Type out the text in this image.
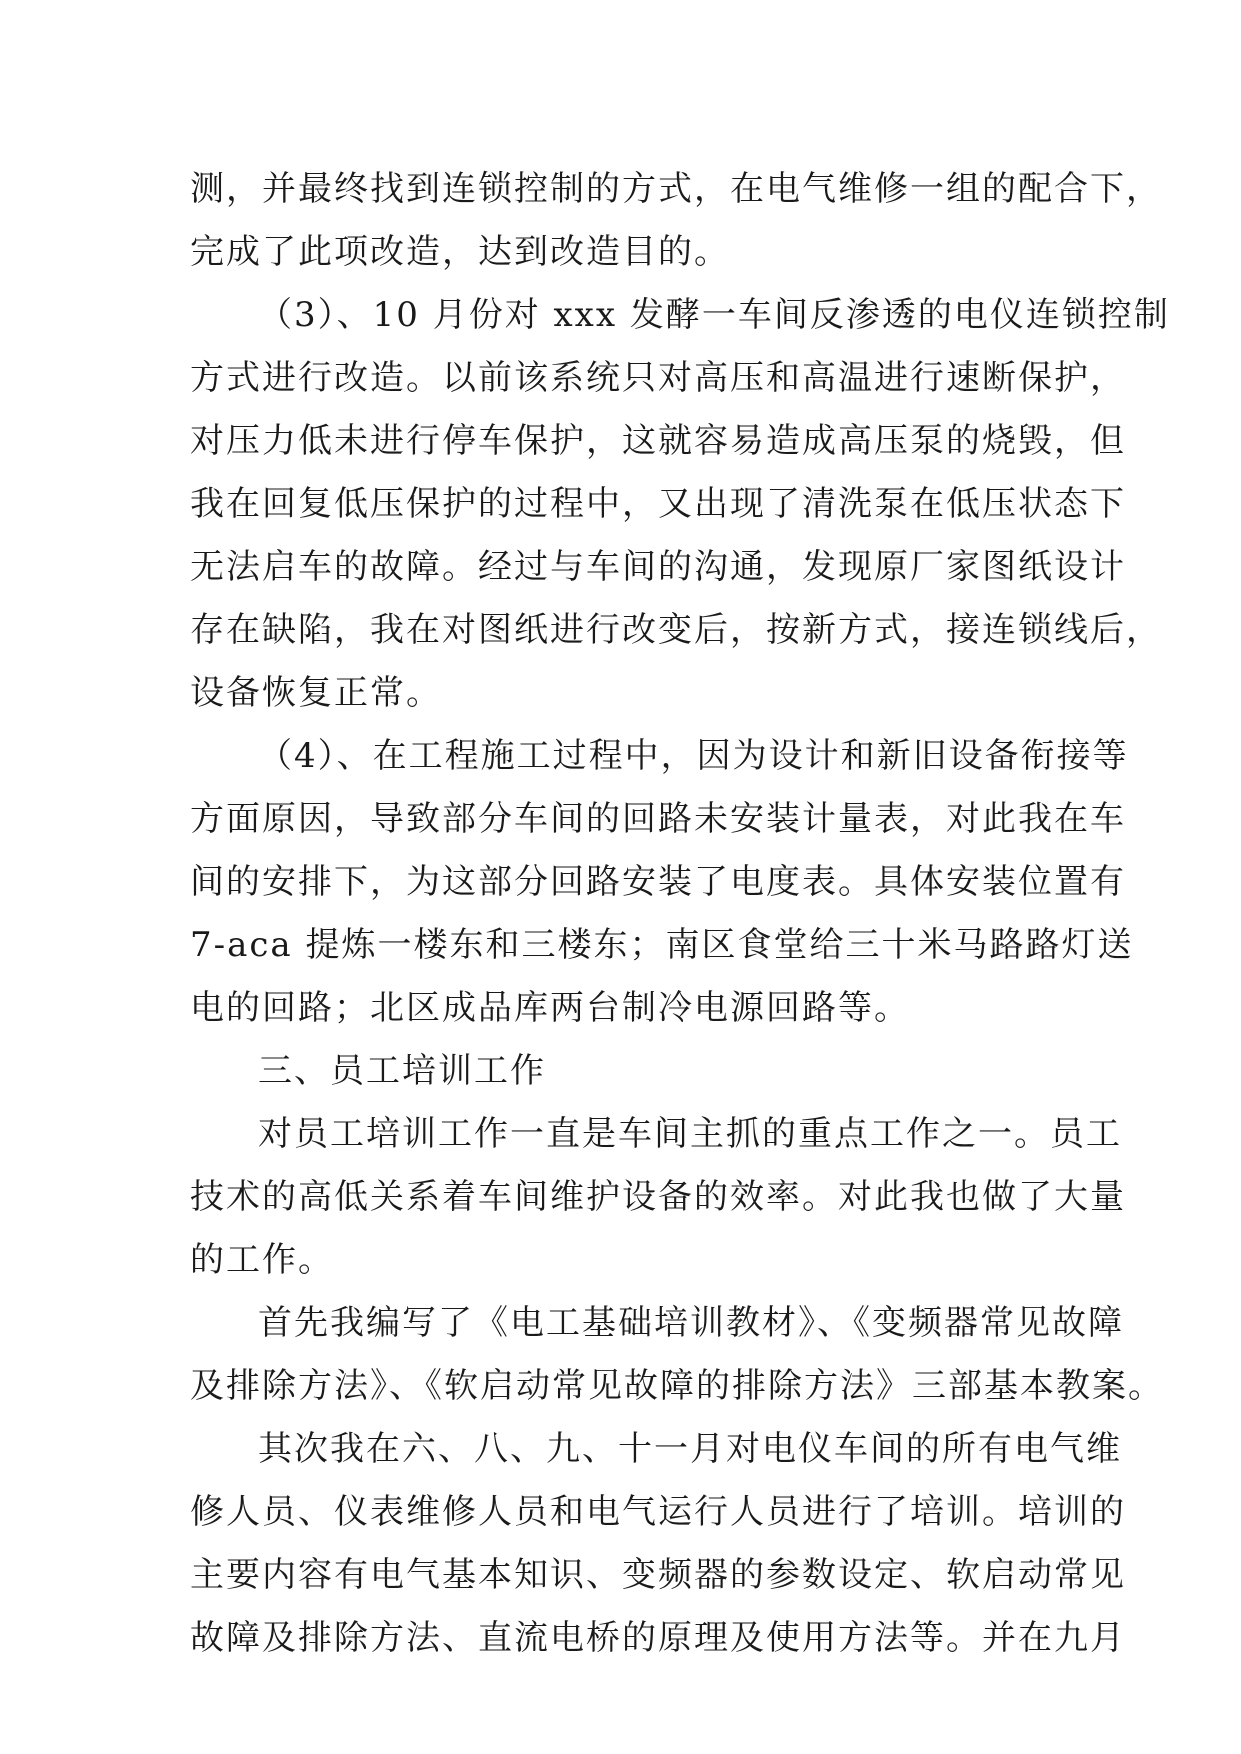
测，并最终找到连锁控制的方式，在电气维修一组的配合下，
完成了此项改造，达到改造目的。
（3）、10 月份对 xxx 发酵一车间反渗透的电仪连锁控制
方式进行改造。以前该系统只对高压和高温进行速断保护，
对压力低未进行停车保护，这就容易造成高压泵的烧毁，但
我在回复低压保护的过程中，又出现了清洗泵在低压状态下
无法启车的故障。经过与车间的沟通，发现原厂家图纸设计
存在缺陷，我在对图纸进行改变后，按新方式，接连锁线后，
设备恢复正常。
（4）、在工程施工过程中，因为设计和新旧设备衔接等
方面原因，导致部分车间的回路未安装计量表，对此我在车
间的安排下，为这部分回路安装了电度表。具体安装位置有
7-aca 提炼一楼东和三楼东；南区食堂给三十米马路路灯送
电的回路；北区成品库两台制冷电源回路等。
三、员工培训工作
对员工培训工作一直是车间主抓的重点工作之一。员工
技术的高低关系着车间维护设备的效率。对此我也做了大量
的工作。
首先我编写了《电工基础培训教材》、《变频器常见故障
及排除方法》、《软启动常见故障的排除方法》三部基本教案。
其次我在六、八、九、十一月对电仪车间的所有电气维
修人员、仪表维修人员和电气运行人员进行了培训。培训的
主要内容有电气基本知识、变频器的参数设定、软启动常见
故障及排除方法、直流电桥的原理及使用方法等。并在九月
